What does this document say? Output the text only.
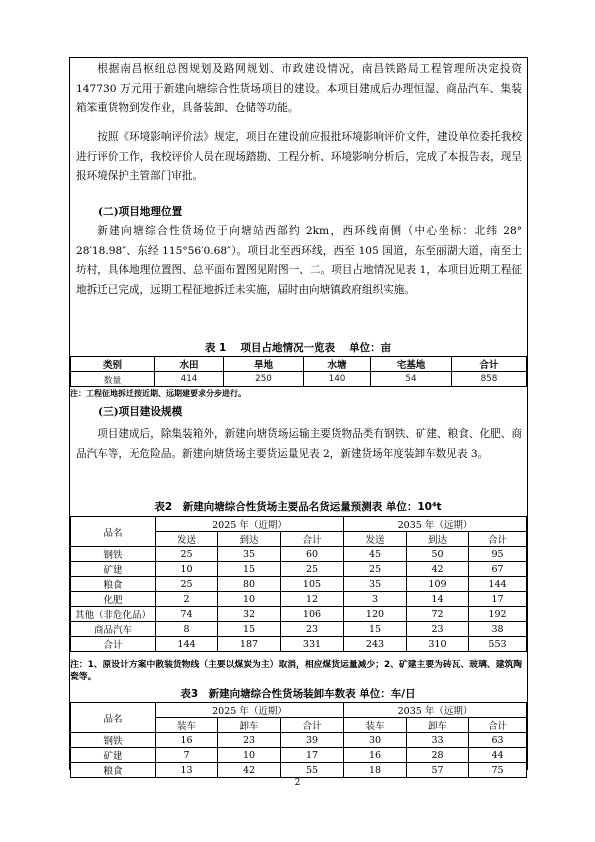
根据南昌枢纽总图规划及路网规划、市政建设情况，南昌铁路局工程管理所决定投资 147730 万元用于新建向塘综合性货场项目的建设。本项目建成后办理恒湿、商品汽车、集装箱笨重货物到发作业，具备装卸、仓储等功能。

按照《环境影响评价法》规定，项目在建设前应报批环境影响评价文件，建设单位委托我校进行评价工作，我校评价人员在现场踏勘、工程分析、环境影响分析后，完成了本报告表，现呈报环境保护主管部门审批。

(二)项目地理位置

新建向塘综合性货场位于向塘站西部约 2km，西环线南侧（中心坐标：北纬 28° 28′18.98″、东经 115°56′0.68″）。项目北至西环线，西至 105 国道，东至丽湖大道，南至土坊村，具体地理位置图、总平面布置图见附图一、二。项目占地情况见表 1，本项目近期工程征地拆迁已完成，远期工程征地拆迁未实施，届时由向塘镇政府组织实施。

表 1　 项目占地情况一览表　 单位：亩

类别	水田	旱地	水塘	宅基地	合计
数量	414	250	140	54	858

注：工程征地拆迁按近期、远期建要求分步进行。

(三)项目建设规模

项目建成后，除集装箱外，新建向塘货场运输主要货物品类有钢铁、矿建、粮食、化肥、商品汽车等，无危险品。新建向塘货场主要货运量见表 2，新建货场年度装卸车数见表 3。

表2　新建向塘综合性货场主要品名货运量预测表 单位：10⁴t

品名	2025 年（近期）			2035 年（远期）		
	发送	到达	合计	发送	到达	合计
钢铁	25	35	60	45	50	95
矿建	10	15	25	25	42	67
粮食	25	80	105	35	109	144
化肥	2	10	12	3	14	17
其他（非危化品）	74	32	106	120	72	192
商品汽车	8	15	23	15	23	38
合计	144	187	331	243	310	553

注：1、原设计方案中散装货物线（主要以煤炭为主）取消，相应煤货运量减少；2、矿建主要为砖瓦、玻璃、建筑陶瓷等。

表3　新建向塘综合性货场装卸车数表 单位：车/日

品名	2025 年（近期）			2035 年（远期）		
	装车	卸车	合计	装车	卸车	合计
钢铁	16	23	39	30	33	63
矿建	7	10	17	16	28	44
粮食	13	42	55	18	57	75
2
